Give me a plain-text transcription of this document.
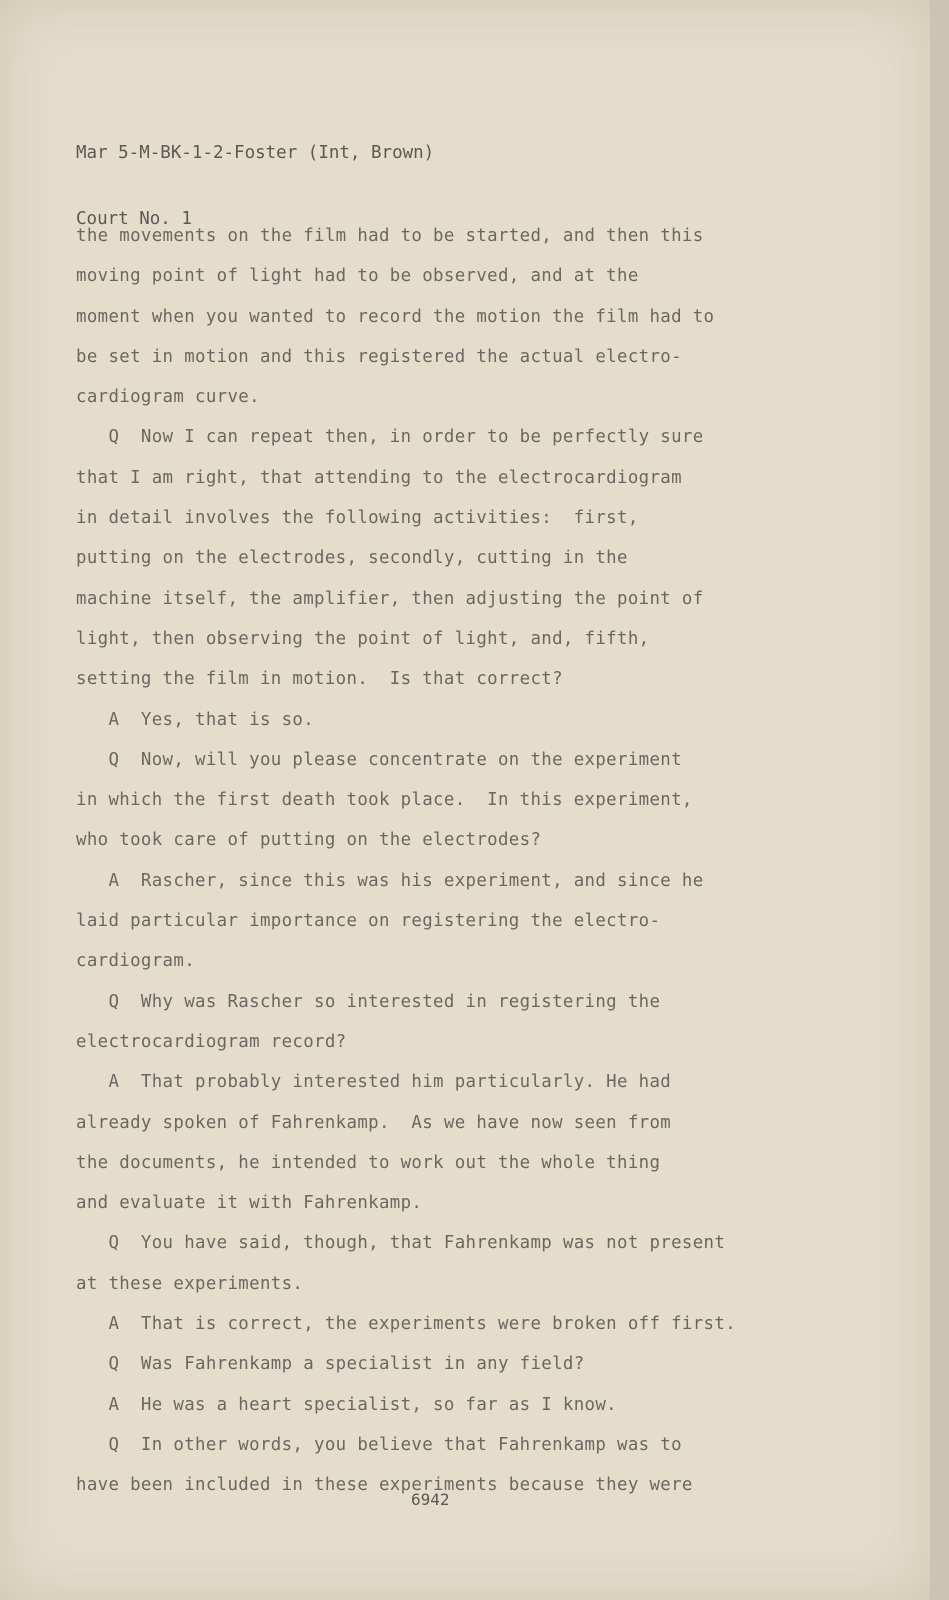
Mar 5-M-BK-1-2-Foster (Int, Brown)

Court No. 1

the movements on the film had to be started, and then this
moving point of light had to be observed, and at the
moment when you wanted to record the motion the film had to
be set in motion and this registered the actual electro-
cardiogram curve.
Q  Now I can repeat then, in order to be perfectly sure
that I am right, that attending to the electrocardiogram
in detail involves the following activities:  first,
putting on the electrodes, secondly, cutting in the
machine itself, the amplifier, then adjusting the point of
light, then observing the point of light, and, fifth,
setting the film in motion.  Is that correct?
A  Yes, that is so.
Q  Now, will you please concentrate on the experiment
in which the first death took place.  In this experiment,
who took care of putting on the electrodes?
A  Rascher, since this was his experiment, and since he
laid particular importance on registering the electro-
cardiogram.
Q  Why was Rascher so interested in registering the
electrocardiogram record?
A  That probably interested him particularly. He had
already spoken of Fahrenkamp.  As we have now seen from
the documents, he intended to work out the whole thing
and evaluate it with Fahrenkamp.
Q  You have said, though, that Fahrenkamp was not present
at these experiments.
A  That is correct, the experiments were broken off first.
Q  Was Fahrenkamp a specialist in any field?
A  He was a heart specialist, so far as I know.
Q  In other words, you believe that Fahrenkamp was to
have been included in these experiments because they were
6942
